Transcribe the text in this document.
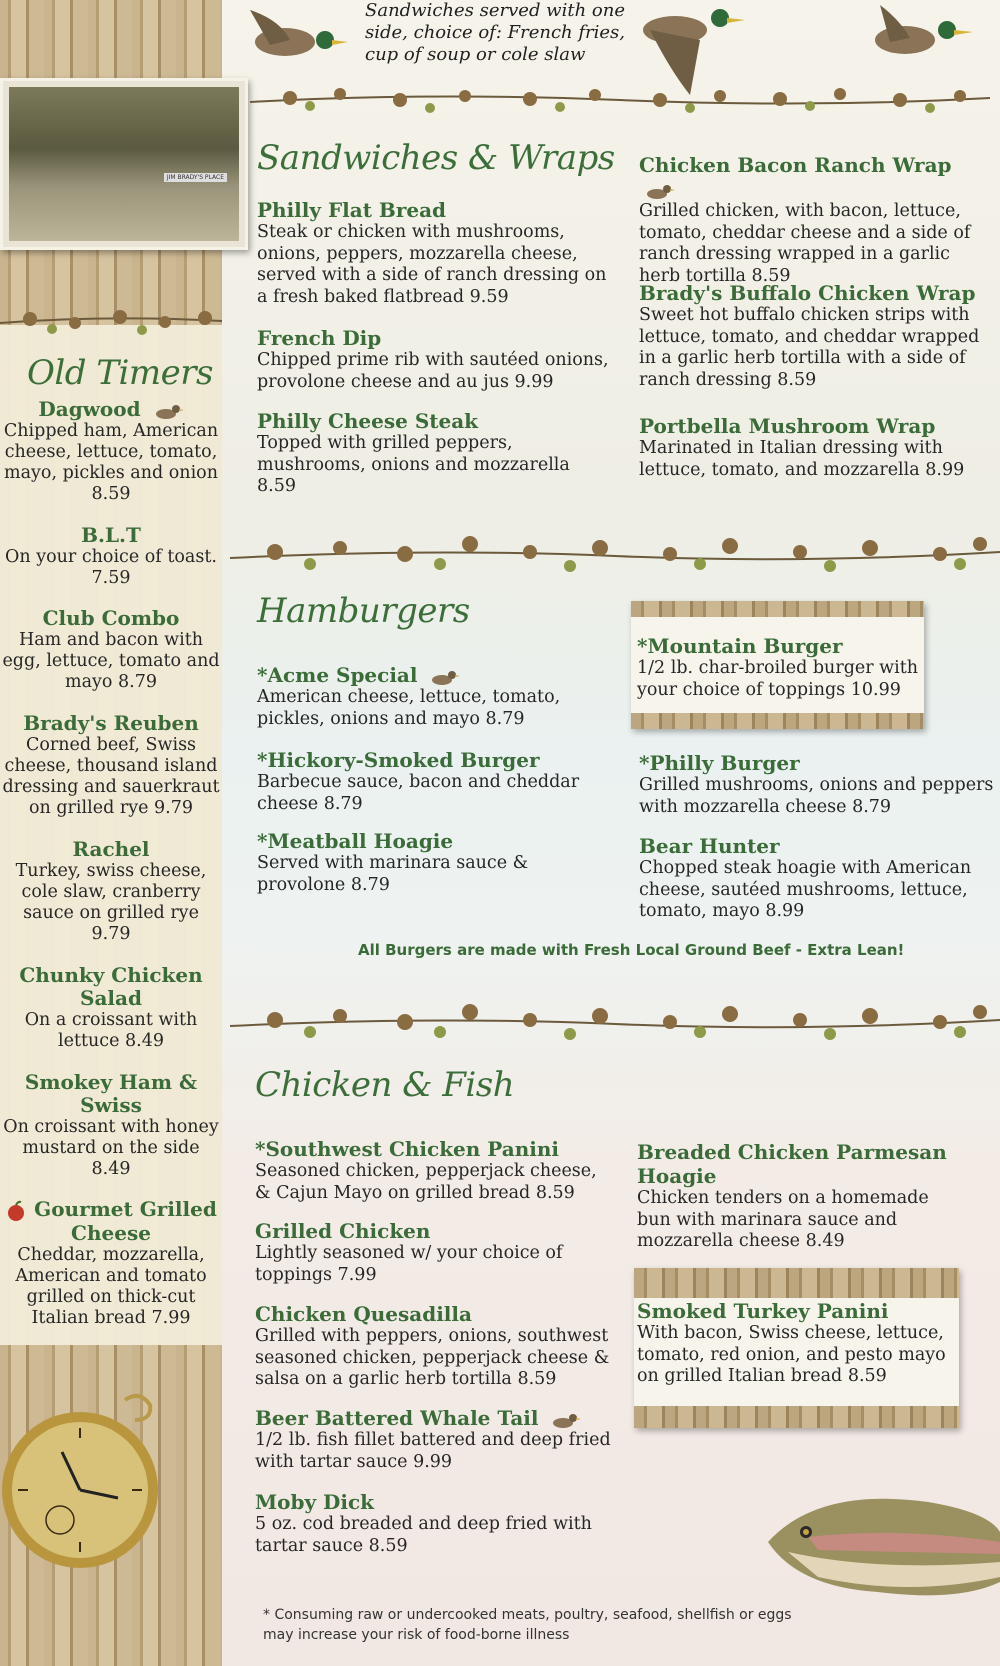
JIM BRADY'S PLACE
Sandwiches served with one side, choice of: French fries, cup of soup or cole slaw
Sandwiches & Wraps
Philly Flat Bread
Steak or chicken with mushrooms, onions, peppers, mozzarella cheese, served with a side of ranch dressing on a fresh baked flatbread 9.59
French Dip
Chipped prime rib with sautéed onions, provolone cheese and au jus 9.99
Philly Cheese Steak
Topped with grilled peppers, mushrooms, onions and mozzarella 8.59
Chicken Bacon Ranch Wrap
Grilled chicken, with bacon, lettuce, tomato, cheddar cheese and a side of ranch dressing wrapped in a garlic herb tortilla 8.59
Brady's Buffalo Chicken Wrap
Sweet hot buffalo chicken strips with lettuce, tomato, and cheddar wrapped in a garlic herb tortilla with a side of ranch dressing 8.59
Portbella Mushroom Wrap
Marinated in Italian dressing with lettuce, tomato, and mozzarella 8.99
Hamburgers
*Acme Special
American cheese, lettuce, tomato, pickles, onions and mayo 8.79
*Hickory-Smoked Burger
Barbecue sauce, bacon and cheddar cheese 8.79
*Meatball Hoagie
Served with marinara sauce & provolone 8.79
*Mountain Burger
1/2 lb. char-broiled burger with your choice of toppings 10.99
*Philly Burger
Grilled mushrooms, onions and peppers with mozzarella cheese 8.79
Bear Hunter
Chopped steak hoagie with American cheese, sautéed mushrooms, lettuce, tomato, mayo 8.99
All Burgers are made with Fresh Local Ground Beef - Extra Lean!
Chicken & Fish
*Southwest Chicken Panini
Seasoned chicken, pepperjack cheese, & Cajun Mayo on grilled bread 8.59
Grilled Chicken
Lightly seasoned w/ your choice of toppings 7.99
Chicken Quesadilla
Grilled with peppers, onions, southwest seasoned chicken, pepperjack cheese & salsa on a garlic herb tortilla 8.59
Beer Battered Whale Tail
1/2 lb. fish fillet battered and deep fried with tartar sauce 9.99
Moby Dick
5 oz. cod breaded and deep fried with tartar sauce 8.59
Breaded Chicken Parmesan Hoagie
Chicken tenders on a homemade bun with marinara sauce and mozzarella cheese 8.49
Smoked Turkey Panini
With bacon, Swiss cheese, lettuce, tomato, red onion, and pesto mayo on grilled Italian bread 8.59
* Consuming raw or undercooked meats, poultry, seafood, shellfish or eggs may increase your risk of food-borne illness
Old Timers
Dagwood
Chipped ham, American cheese, lettuce, tomato, mayo, pickles and onion
8.59
B.L.T
On your choice of toast.
7.59
Club Combo
Ham and bacon with egg, lettuce, tomato and mayo 8.79
Brady's Reuben
Corned beef, Swiss cheese, thousand island dressing and sauerkraut on grilled rye 9.79
Rachel
Turkey, swiss cheese, cole slaw, cranberry sauce on grilled rye
9.79
Chunky Chicken Salad
On a croissant with lettuce 8.49
Smokey Ham & Swiss
On croissant with honey mustard on the side
8.49
Gourmet Grilled Cheese
Cheddar, mozzarella, American and tomato grilled on thick-cut Italian bread 7.99
